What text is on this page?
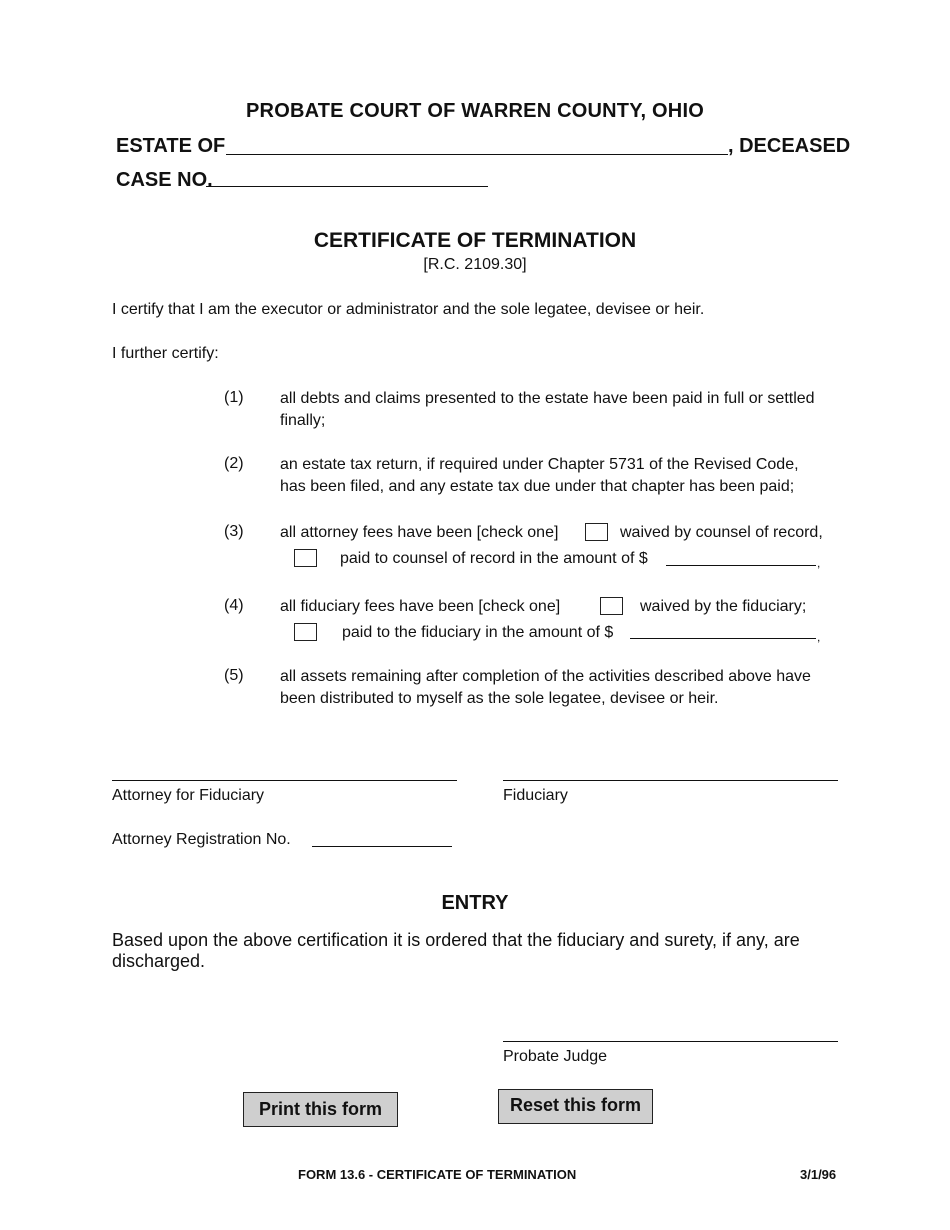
PROBATE COURT OF WARREN COUNTY, OHIO
ESTATE OF	, DECEASED
CASE NO.
CERTIFICATE OF TERMINATION
[R.C. 2109.30]
I certify that I am the executor or administrator and the sole legatee, devisee or heir.
I further certify:
(1) all debts and claims presented to the estate have been paid in full or settled
finally;
(2) an estate tax return, if required under Chapter 5731 of the Revised Code,
has been filed, and any estate tax due under that chapter has been paid;
(3) all attorney fees have been [check one]	waived by counsel of record,
paid to counsel of record in the amount of $	,
(4) all fiduciary fees have been [check one]	waived by the fiduciary;
paid to the fiduciary in the amount of $	,
(5) all assets remaining after completion of the activities described above have
been distributed to myself as the sole legatee, devisee or heir.
Attorney for Fiduciary	Fiduciary
Attorney Registration No.
ENTRY
Based upon the above certification it is ordered that the fiduciary and surety, if any, are discharged.
Probate Judge
Print this form	Reset this form
FORM 13.6 - CERTIFICATE OF TERMINATION	3/1/96
